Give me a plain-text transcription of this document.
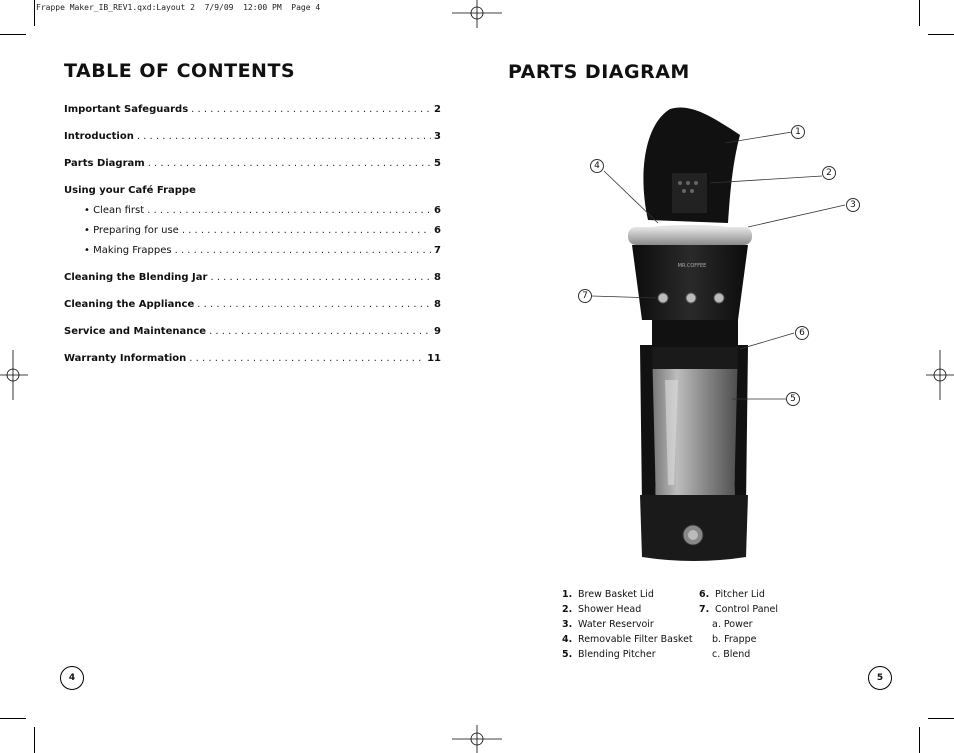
Frappe Maker_IB_REV1.qxd:Layout 2  7/9/09  12:00 PM  Page 4
TABLE OF CONTENTS
Important Safeguards . . .	2
Introduction . . .	3
Parts Diagram . . .	5
Using your Café Frappe
• Clean first . . .	6
• Preparing for use . . .	6
• Making Frappes . . .	7
Cleaning the Blending Jar . . .	8
Cleaning the Appliance . . .	8
Service and Maintenance . . .	9
Warranty Information . . .	11
4
PARTS DIAGRAM
MR.COFFEE
1
2
3
4
5
6
7
1. Brew Basket Lid
2. Shower Head
3. Water Reservoir
4. Removable Filter Basket
5. Blending Pitcher
6. Pitcher Lid
7. Control Panel
a. Power
b. Frappe
c. Blend
5
